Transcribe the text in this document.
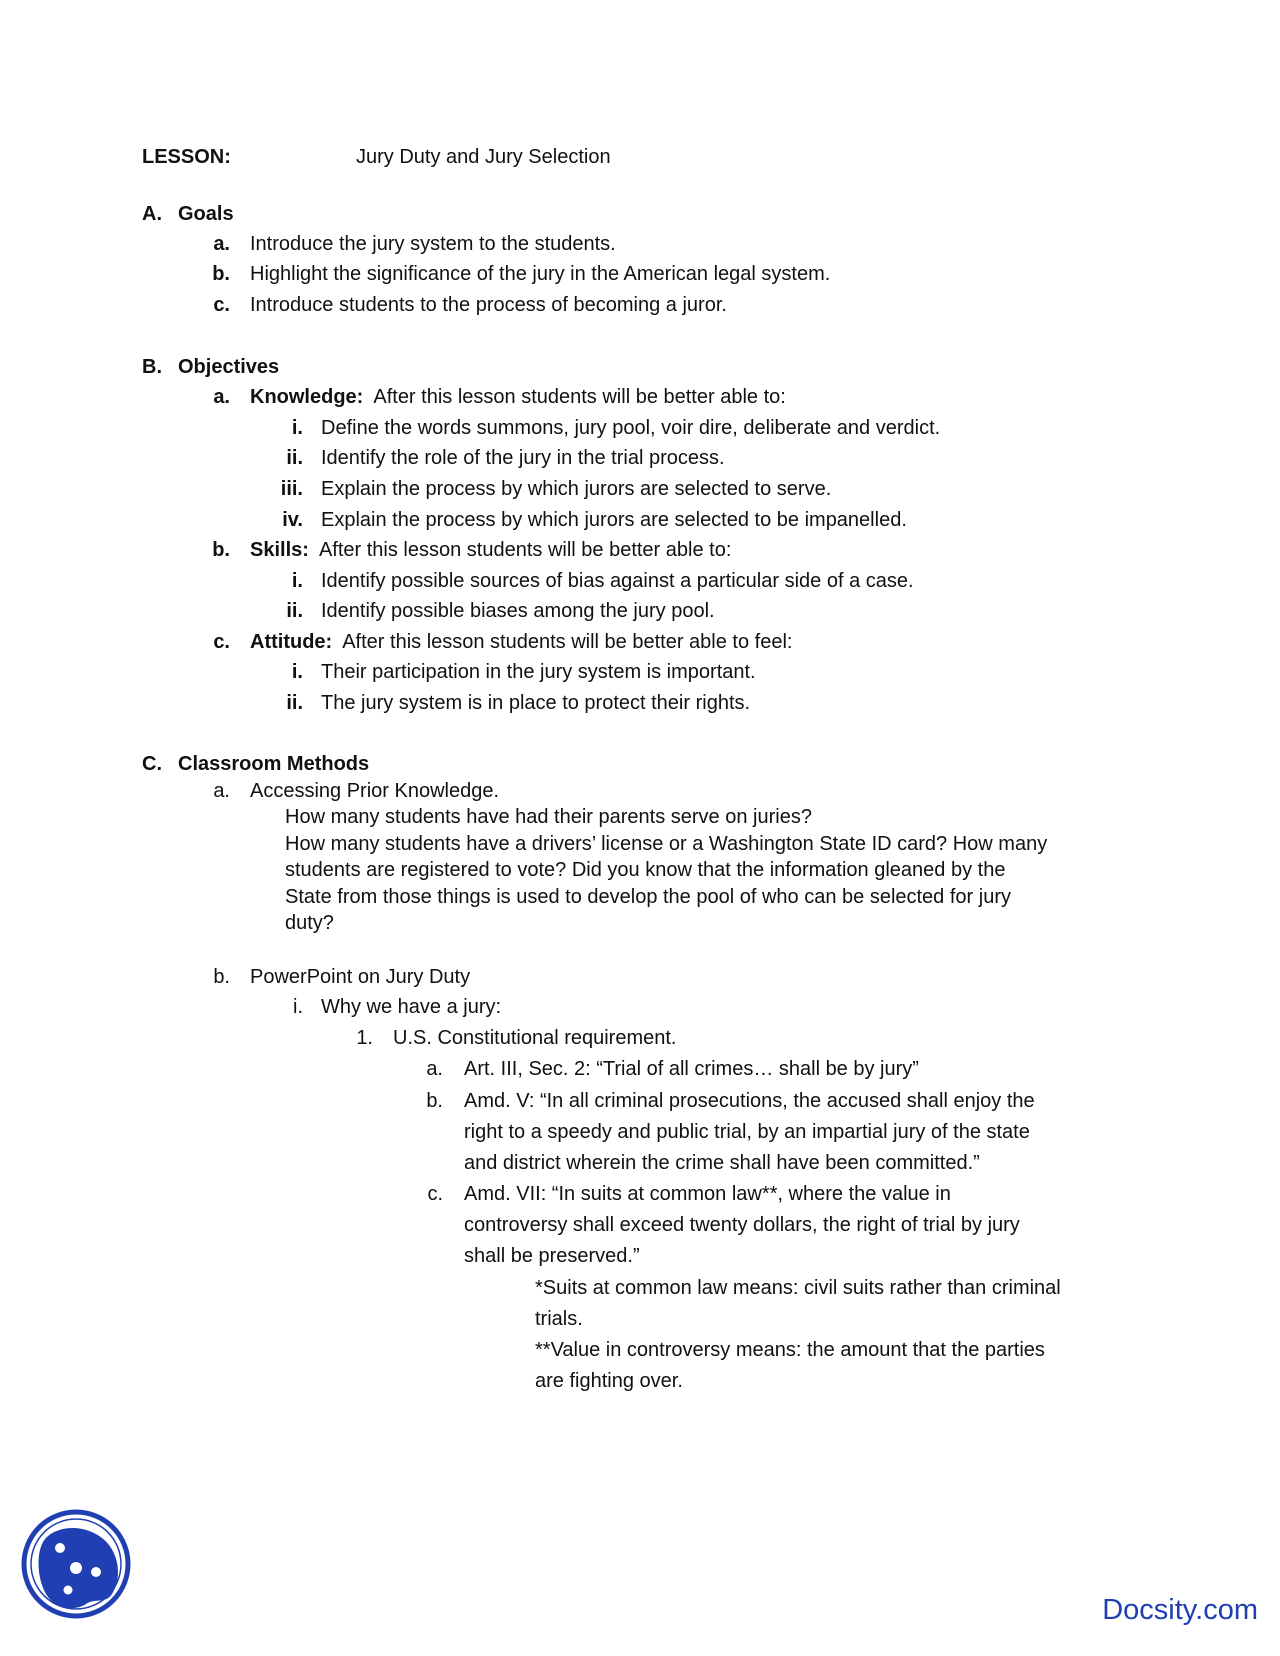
LESSON:	Jury Duty and Jury Selection
A. Goals
a. Introduce the jury system to the students.
b. Highlight the significance of the jury in the American legal system.
c. Introduce students to the process of becoming a juror.
B. Objectives
a. Knowledge: After this lesson students will be better able to:
i. Define the words summons, jury pool, voir dire, deliberate and verdict.
ii. Identify the role of the jury in the trial process.
iii. Explain the process by which jurors are selected to serve.
iv. Explain the process by which jurors are selected to be impanelled.
b. Skills: After this lesson students will be better able to:
i. Identify possible sources of bias against a particular side of a case.
ii. Identify possible biases among the jury pool.
c. Attitude: After this lesson students will be better able to feel:
i. Their participation in the jury system is important.
ii. The jury system is in place to protect their rights.
C. Classroom Methods
a. Accessing Prior Knowledge.
How many students have had their parents serve on juries?
How many students have a drivers’ license or a Washington State ID card? How many
students are registered to vote? Did you know that the information gleaned by the
State from those things is used to develop the pool of who can be selected for jury
duty?
b. PowerPoint on Jury Duty
i. Why we have a jury:
1. U.S. Constitutional requirement.
a. Art. III, Sec. 2: “Trial of all crimes… shall be by jury”
b. Amd. V: “In all criminal prosecutions, the accused shall enjoy the
right to a speedy and public trial, by an impartial jury of the state
and district wherein the crime shall have been committed.”
c. Amd. VII: “In suits at common law**, where the value in
controversy shall exceed twenty dollars, the right of trial by jury
shall be preserved.”
*Suits at common law means: civil suits rather than criminal
trials.
**Value in controversy means: the amount that the parties
are fighting over.
Docsity.com
